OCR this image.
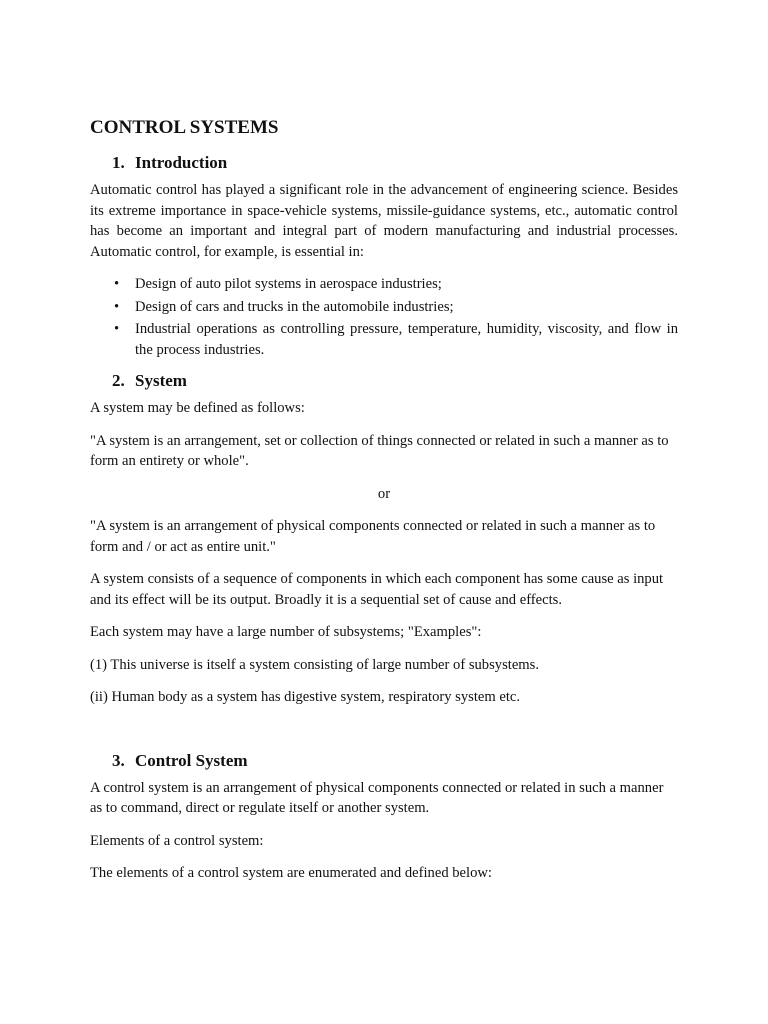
CONTROL SYSTEMS
1. Introduction

Automatic control has played a significant role in the advancement of engineering science. Besides its extreme importance in space-vehicle systems, missile-guidance systems, etc., automatic control has become an important and integral part of modern manufacturing and industrial processes. Automatic control, for example, is essential in:

• Design of auto pilot systems in aerospace industries;
• Design of cars and trucks in the automobile industries;
• Industrial operations as controlling pressure, temperature, humidity, viscosity, and flow in the process industries.
2. System

A system may be defined as follows:

"A system is an arrangement, set or collection of things connected or related in such a manner as to form an entirety or whole".

or

"A system is an arrangement of physical components connected or related in such a manner as to form and / or act as entire unit."

A system consists of a sequence of components in which each component has some cause as input and its effect will be its output. Broadly it is a sequential set of cause and effects.

Each system may have a large number of subsystems; "Examples":

(1) This universe is itself a system consisting of large number of subsystems.

(ii) Human body as a system has digestive system, respiratory system etc.

3. Control System

A control system is an arrangement of physical components connected or related in such a manner as to command, direct or regulate itself or another system.

Elements of a control system:

The elements of a control system are enumerated and defined below:
